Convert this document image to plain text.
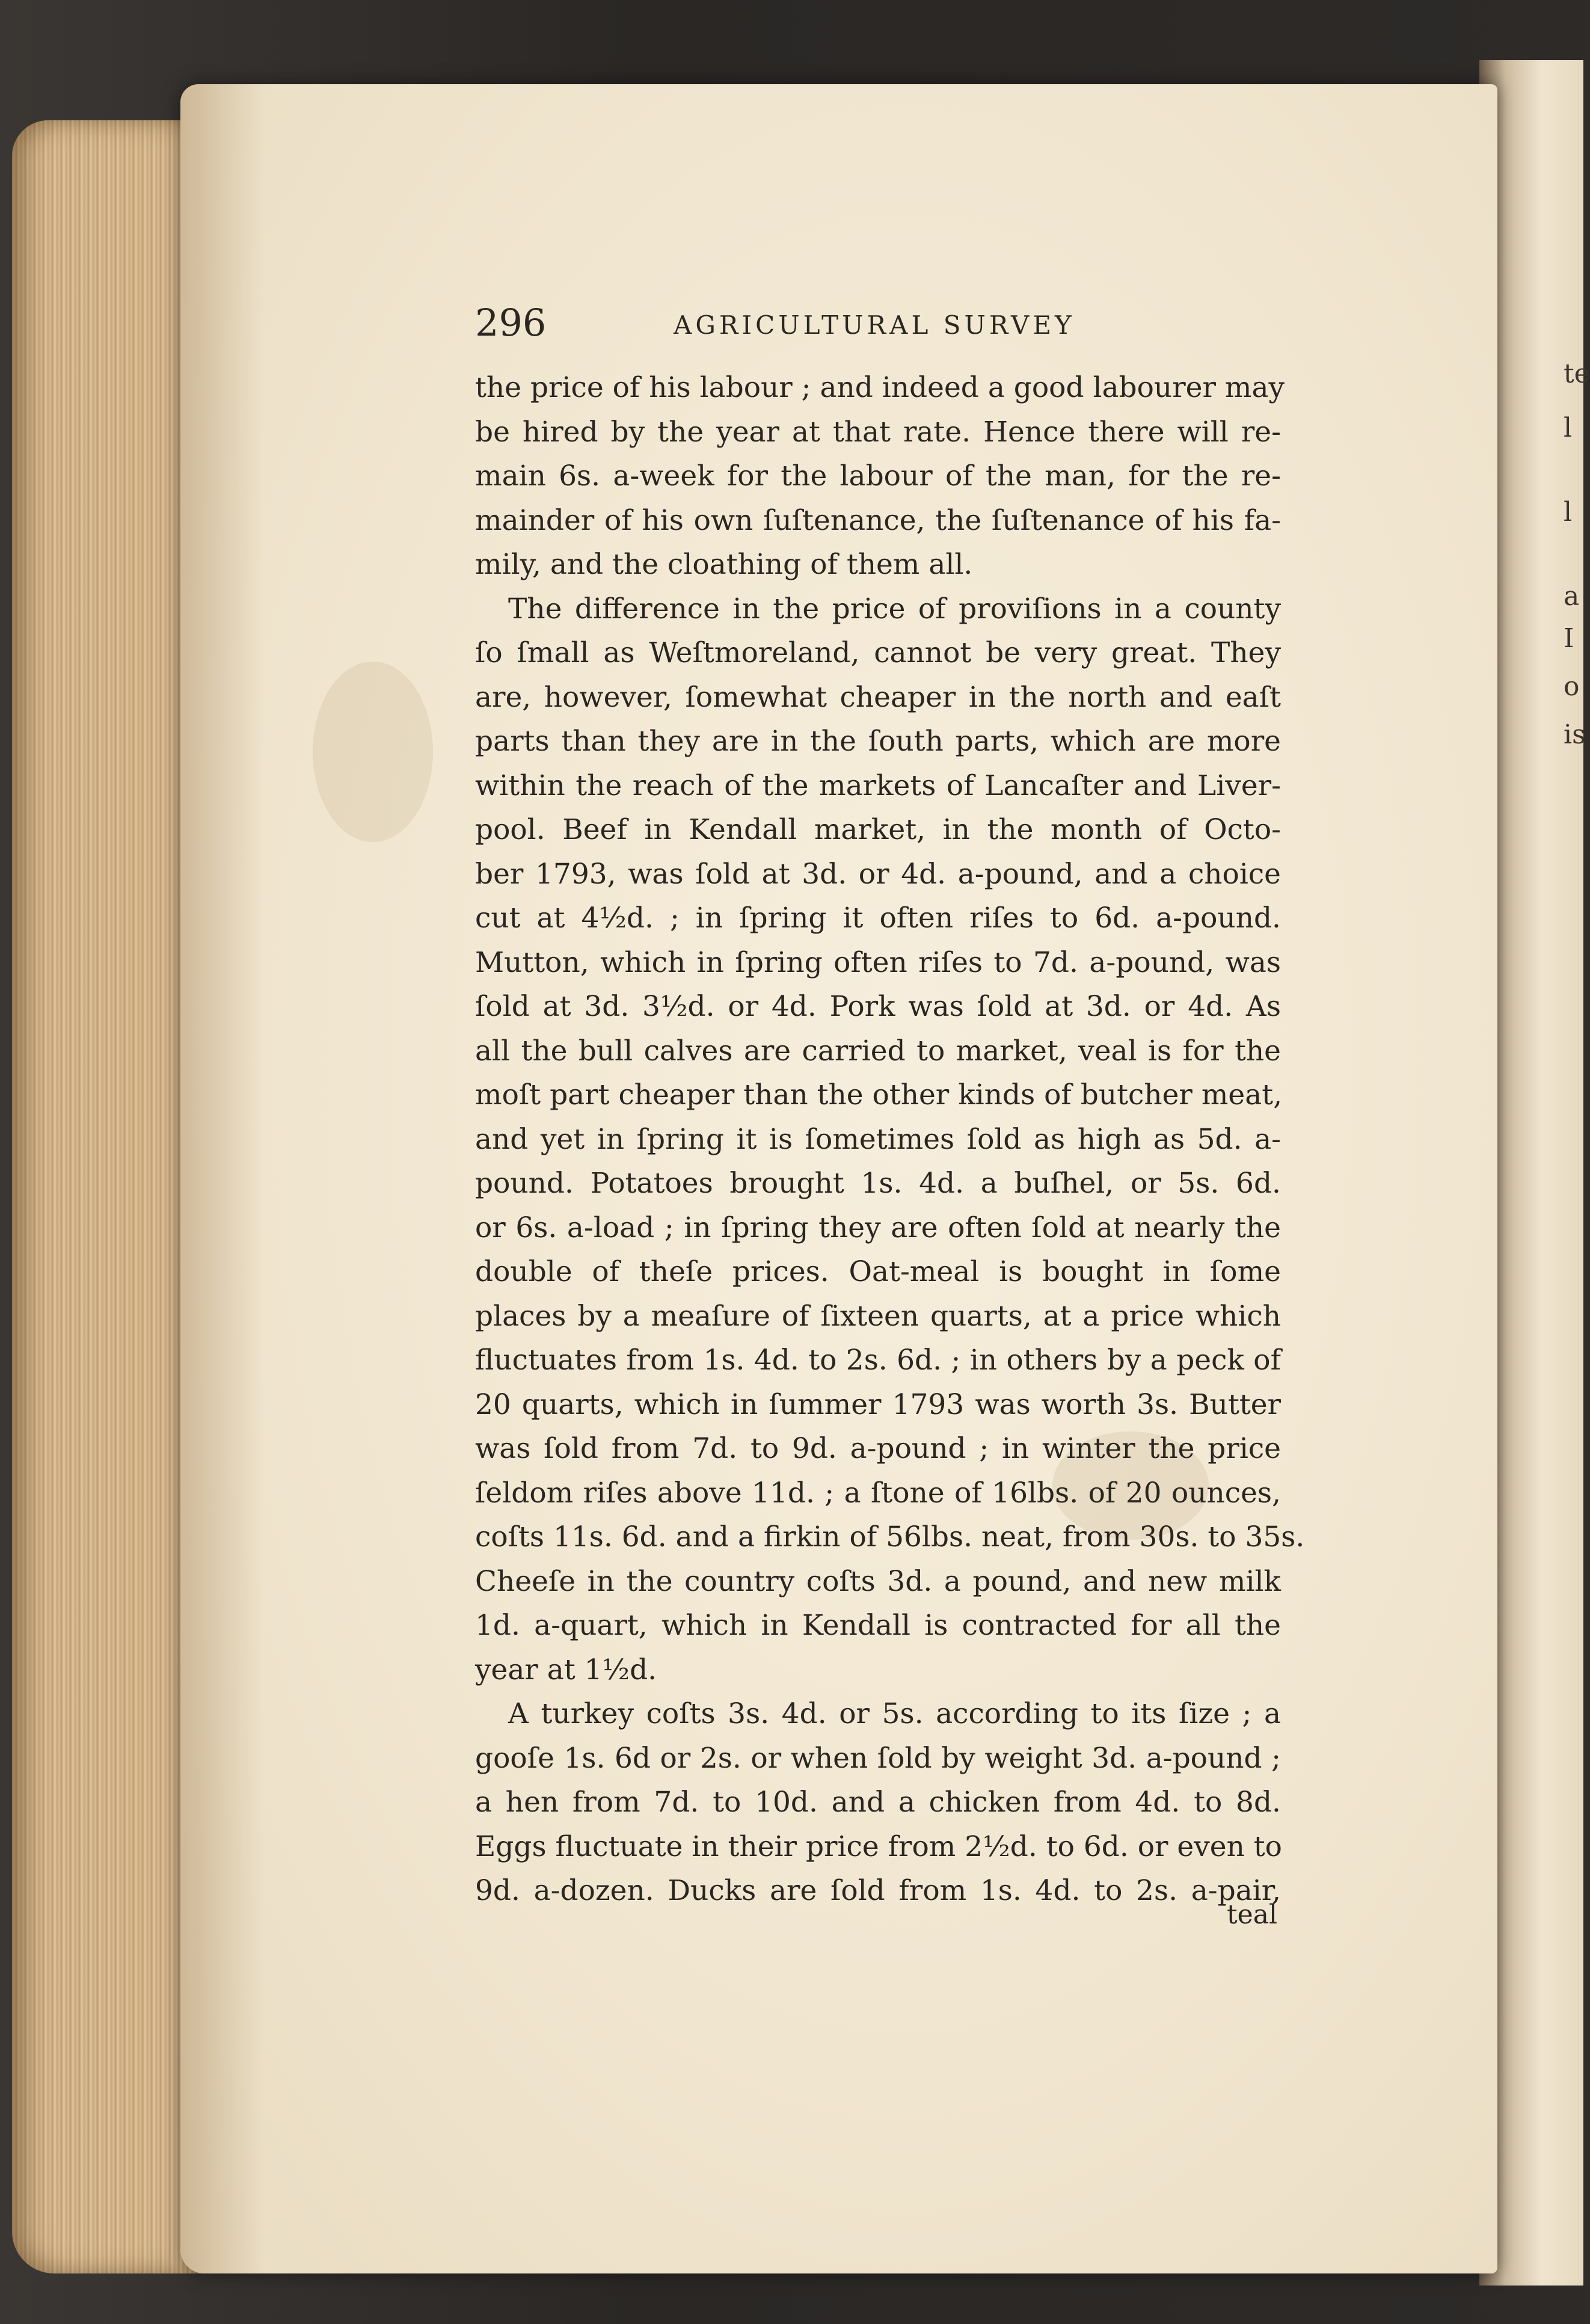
te
l
l
a
I
o
is
296	AGRICULTURAL SURVEY
the price of his labour ; and indeed a good labourer may
be hired by the year at that rate. Hence there will re-
main 6s. a-week for the labour of the man, for the re-
mainder of his own ſuſtenance, the ſuſtenance of his fa-
mily, and the cloathing of them all.
The difference in the price of proviſions in a county
ſo ſmall as Weſtmoreland, cannot be very great. They
are, however, ſomewhat cheaper in the north and eaſt
parts than they are in the ſouth parts, which are more
within the reach of the markets of Lancaſter and Liver-
pool. Beef in Kendall market, in the month of Octo-
ber 1793, was ſold at 3d. or 4d. a-pound, and a choice
cut at 4½d. ; in ſpring it often riſes to 6d. a-pound.
Mutton, which in ſpring often riſes to 7d. a-pound, was
ſold at 3d. 3½d. or 4d. Pork was ſold at 3d. or 4d. As
all the bull calves are carried to market, veal is for the
moſt part cheaper than the other kinds of butcher meat,
and yet in ſpring it is ſometimes ſold as high as 5d. a-
pound. Potatoes brought 1s. 4d. a buſhel, or 5s. 6d.
or 6s. a-load ; in ſpring they are often ſold at nearly the
double of theſe prices. Oat-meal is bought in ſome
places by a meaſure of ſixteen quarts, at a price which
fluctuates from 1s. 4d. to 2s. 6d. ; in others by a peck of
20 quarts, which in ſummer 1793 was worth 3s. Butter
was ſold from 7d. to 9d. a-pound ; in winter the price
ſeldom riſes above 11d. ; a ſtone of 16lbs. of 20 ounces,
coſts 11s. 6d. and a firkin of 56lbs. neat, from 30s. to 35s.
Cheeſe in the country coſts 3d. a pound, and new milk
1d. a-quart, which in Kendall is contracted for all the
year at 1½d.
A turkey coſts 3s. 4d. or 5s. according to its ſize ; a
gooſe 1s. 6d or 2s. or when ſold by weight 3d. a-pound ;
a hen from 7d. to 10d. and a chicken from 4d. to 8d.
Eggs fluctuate in their price from 2½d. to 6d. or even to
9d. a-dozen. Ducks are ſold from 1s. 4d. to 2s. a-pair,
teal
